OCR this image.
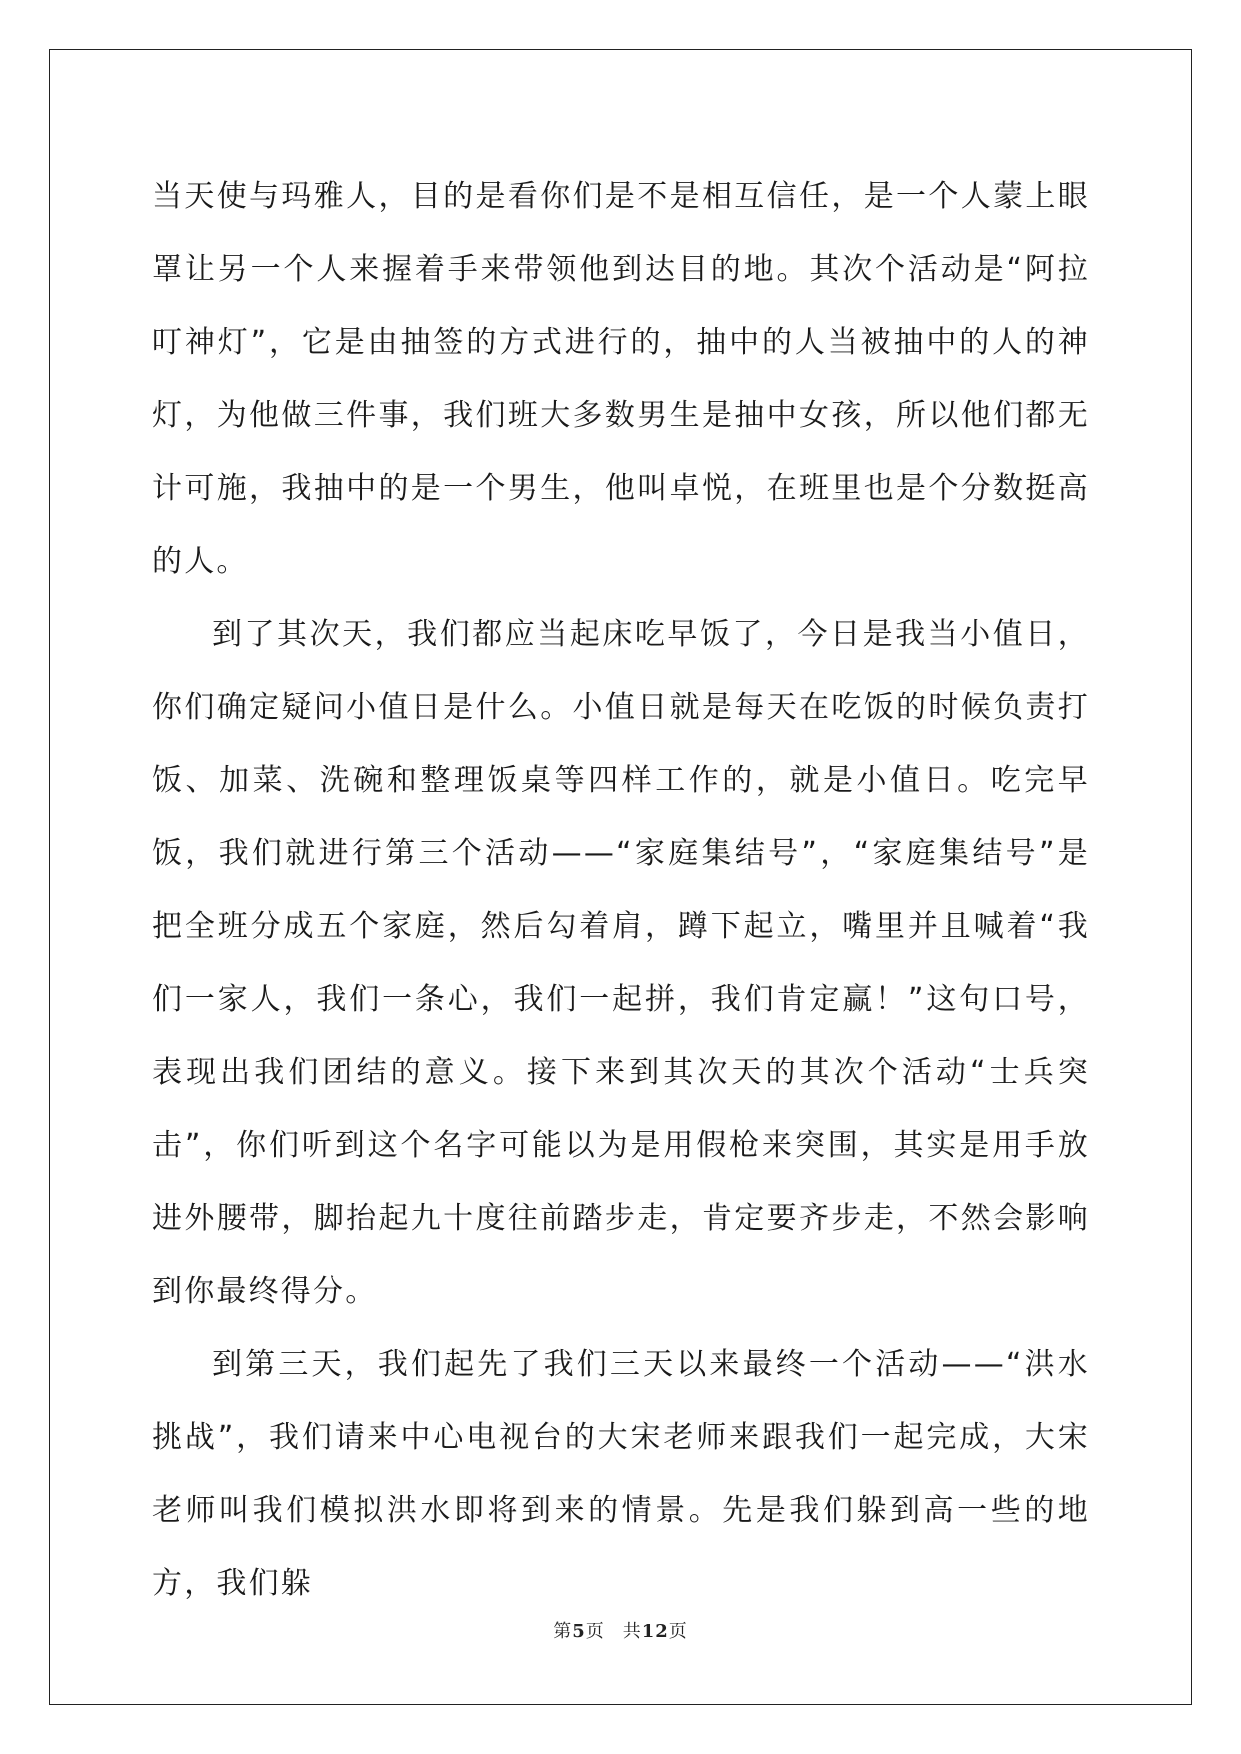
当天使与玛雅人，目的是看你们是不是相互信任，是一个人蒙上眼罩让另一个人来握着手来带领他到达目的地。其次个活动是“阿拉叮神灯”，它是由抽签的方式进行的，抽中的人当被抽中的人的神灯，为他做三件事，我们班大多数男生是抽中女孩，所以他们都无计可施，我抽中的是一个男生，他叫卓悦，在班里也是个分数挺高的人。

到了其次天，我们都应当起床吃早饭了，今日是我当小值日，你们确定疑问小值日是什么。小值日就是每天在吃饭的时候负责打饭、加菜、洗碗和整理饭桌等四样工作的，就是小值日。吃完早饭，我们就进行第三个活动——“家庭集结号”，“家庭集结号”是把全班分成五个家庭，然后勾着肩，蹲下起立，嘴里并且喊着“我们一家人，我们一条心，我们一起拼，我们肯定赢！”这句口号，表现出我们团结的意义。接下来到其次天的其次个活动“士兵突击”，你们听到这个名字可能以为是用假枪来突围，其实是用手放进外腰带，脚抬起九十度往前踏步走，肯定要齐步走，不然会影响到你最终得分。

到第三天，我们起先了我们三天以来最终一个活动——“洪水挑战”，我们请来中心电视台的大宋老师来跟我们一起完成，大宋老师叫我们模拟洪水即将到来的情景。先是我们躲到高一些的地方，我们躲

第5页 共12页
